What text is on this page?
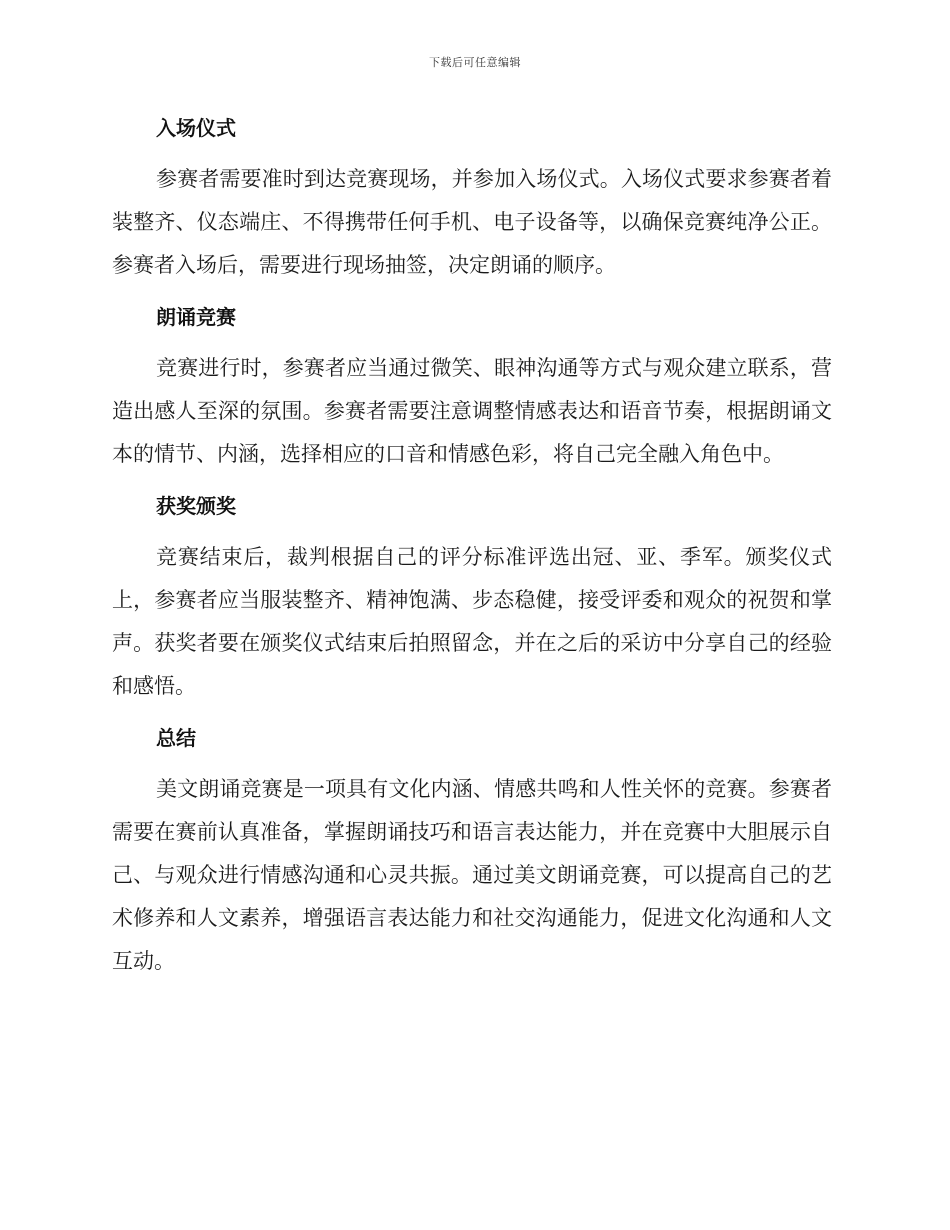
下载后可任意编辑
入场仪式

参赛者需要准时到达竞赛现场，并参加入场仪式。入场仪式要求参赛者着装整齐、仪态端庄、不得携带任何手机、电子设备等，以确保竞赛纯净公正。参赛者入场后，需要进行现场抽签，决定朗诵的顺序。

朗诵竞赛

竞赛进行时，参赛者应当通过微笑、眼神沟通等方式与观众建立联系，营造出感人至深的氛围。参赛者需要注意调整情感表达和语音节奏，根据朗诵文本的情节、内涵，选择相应的口音和情感色彩，将自己完全融入角色中。

获奖颁奖

竞赛结束后，裁判根据自己的评分标准评选出冠、亚、季军。颁奖仪式上，参赛者应当服装整齐、精神饱满、步态稳健，接受评委和观众的祝贺和掌声。获奖者要在颁奖仪式结束后拍照留念，并在之后的采访中分享自己的经验和感悟。

总结

美文朗诵竞赛是一项具有文化内涵、情感共鸣和人性关怀的竞赛。参赛者需要在赛前认真准备，掌握朗诵技巧和语言表达能力，并在竞赛中大胆展示自己、与观众进行情感沟通和心灵共振。通过美文朗诵竞赛，可以提高自己的艺术修养和人文素养，增强语言表达能力和社交沟通能力，促进文化沟通和人文互动。
